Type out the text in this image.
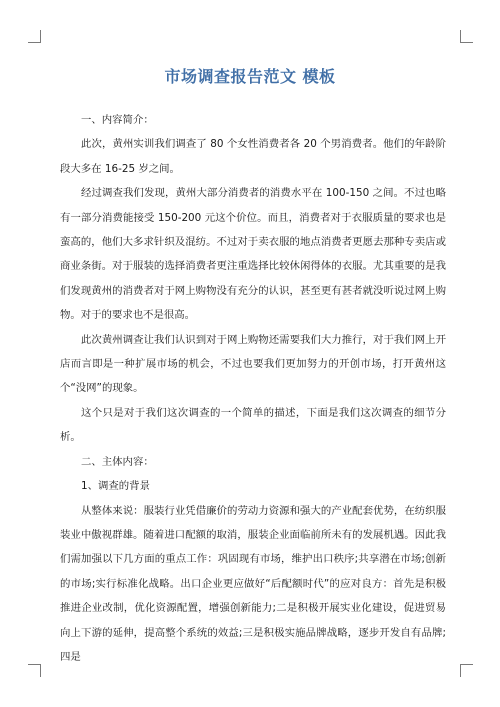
市场调查报告范文 模板

一、内容简介：

此次，黄州实训我们调查了 80 个女性消费者各 20 个男消费者。他们的年龄阶段大多在 16-25 岁之间。

经过调查我们发现，黄州大部分消费者的消费水平在 100-150 之间。不过也略有一部分消费能接受 150-200 元这个价位。而且，消费者对于衣服质量的要求也是蛮高的，他们大多求针织及混纺。不过对于卖衣服的地点消费者更愿去那种专卖店或商业条街。对于服装的选择消费者更注重选择比较休闲得体的衣服。尤其重要的是我们发现黄州的消费者对于网上购物没有充分的认识，甚至更有甚者就没听说过网上购物。对于的要求也不是很高。

此次黄州调查让我们认识到对于网上购物还需要我们大力推行，对于我们网上开店而言即是一种扩展市场的机会，不过也要我们更加努力的开创市场，打开黄州这个“没网”的现象。

这个只是对于我们这次调查的一个简单的描述，下面是我们这次调查的细节分析。

二、主体内容：

1、调查的背景

从整体来说：服装行业凭借廉价的劳动力资源和强大的产业配套优势，在纺织服装业中傲视群雄。随着进口配额的取消，服装企业面临前所未有的发展机遇。因此我们需加强以下几方面的重点工作：巩固现有市场，维护出口秩序;共享潜在市场;创新的市场;实行标准化战略。出口企业更应做好“后配额时代”的应对良方：首先是积极推进企业改制，优化资源配置，增强创新能力;二是积极开展实业化建设，促进贸易向上下游的延伸，提高整个系统的效益;三是积极实施品牌战略，逐步开发自有品牌;四是
